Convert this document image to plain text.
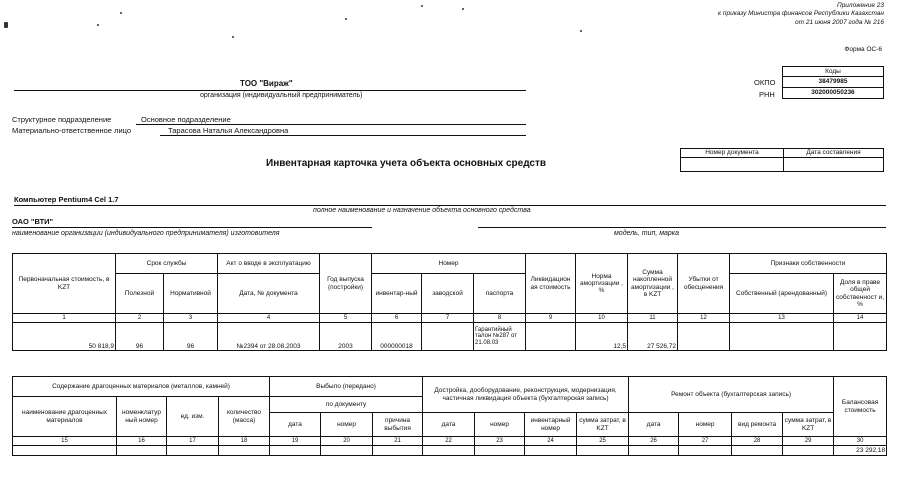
Приложение 23
к приказу Министра финансов Республики Казахстан
от 21 июня 2007 года № 216
Форма ОС-6
Коды
38479985
302000050236
ОКПО
РНН
ТОО "Вираж"
организация (индивидуальный предприниматель)
Структурное подразделение	Основное подразделение
Материально-ответственное лицо	Тарасова Наталья Александровна
Номер документа	Дата составления

Инвентарная карточка учета объекта основных средств
Компьютер Pentium4 Cel 1.7
полное наименование и назначение объекта основного средства
ОАО "ВТИ"
наименование организации (индивидуального предпринимателя) изготовителя	модель, тип, марка
Первоначальная стоимость, в KZT	Срок службы		Акт о вводе в эксплуатацию	Год выпуска (постройки)	Номер			Ликвидацион ая стоимость	Норма амортизации , %	Сумма накопленной амортизации , в KZT	Убытки от обесценения	Признаки собственности	
	Полезной	Нормативной	Дата, № документа		инвентар-ный	заводской	паспорта					Собственный (арендованный)	Доля в праве общей собственност и, %
1	2	3	4	5	6	7	8	9	10	11	12	13	14
50 818,9	96	96	№2394 от 28.08.2003	2003	000000018		Гарантийный талон №287 от 21.08.03		12,5	27 526,72			
Содержание драгоценных материалов (металлов, камней)				Выбыло (передано)			Достройка, дооборудование, реконструкция, модернизация, частичная ликвидация объекта (бухгалтерская запись)				Ремонт объекта (бухгалтерская запись)				Балансовая стоимость
наименование драгоценных материалов	номенклатур ный номер	ед. изм.	количество (масса)	по документу											
				дата	номер	причина выбытия	дата	номер	инвентарный номер	сумма затрат, в KZT	дата	номер	вид ремонта	сумма затрат, в KZT	
15	16	17	18	19	20	21	22	23	24	25	26	27	28	29	30
															23 292,18
